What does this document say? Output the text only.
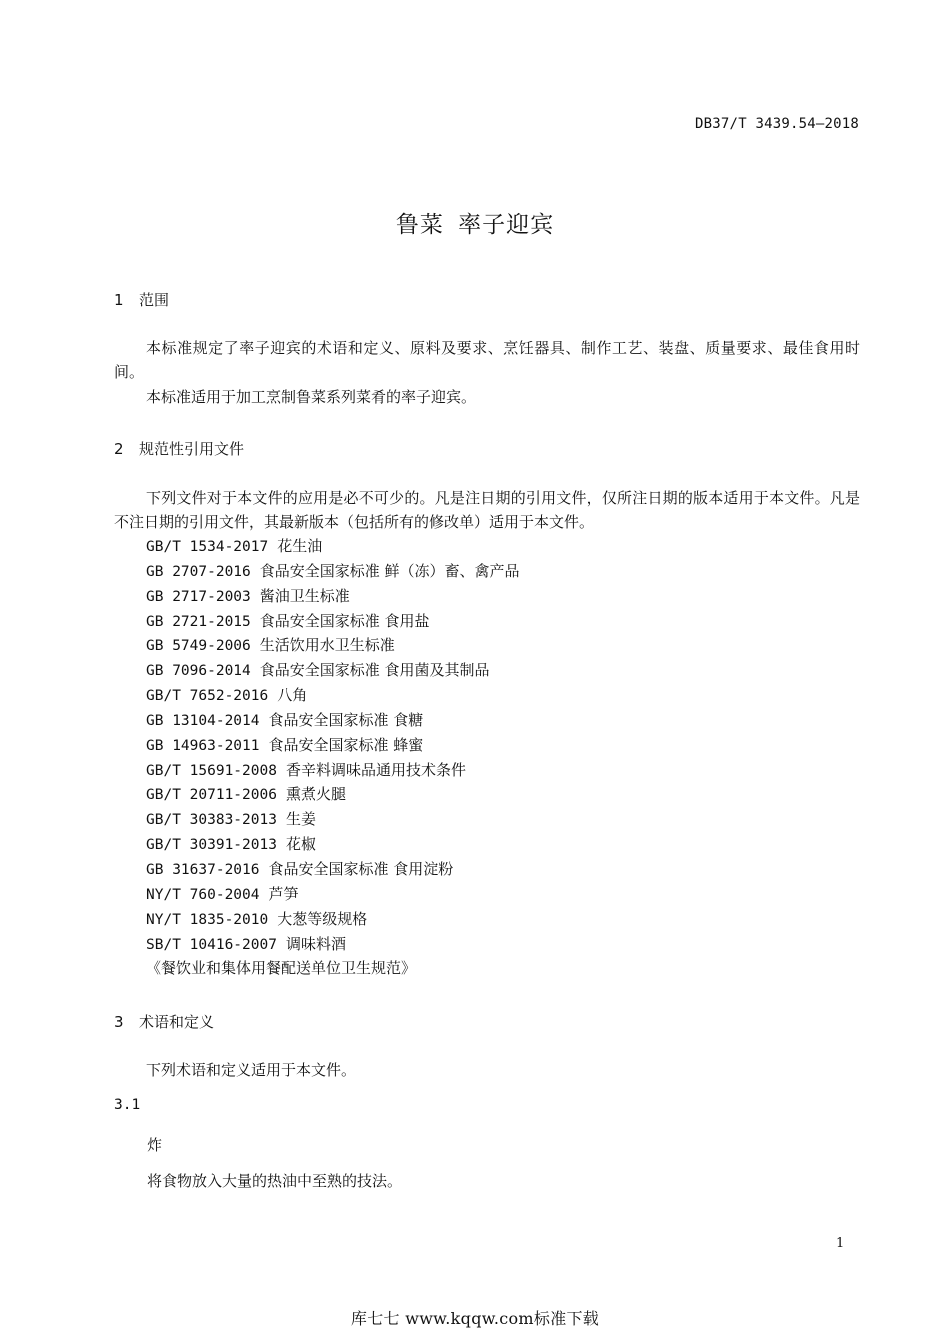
DB37/T 3439.54—2018
鲁菜 率子迎宾
1 范围
本标准规定了率子迎宾的术语和定义、原料及要求、烹饪器具、制作工艺、装盘、质量要求、最佳食用时间。
本标准适用于加工烹制鲁菜系列菜肴的率子迎宾。
2 规范性引用文件
下列文件对于本文件的应用是必不可少的。凡是注日期的引用文件，仅所注日期的版本适用于本文件。凡是不注日期的引用文件，其最新版本（包括所有的修改单）适用于本文件。
GB/T 1534-2017 花生油
GB 2707-2016 食品安全国家标准 鲜（冻）畜、禽产品
GB 2717-2003 酱油卫生标准
GB 2721-2015 食品安全国家标准 食用盐
GB 5749-2006 生活饮用水卫生标准
GB 7096-2014 食品安全国家标准 食用菌及其制品
GB/T 7652-2016 八角
GB 13104-2014 食品安全国家标准 食糖
GB 14963-2011 食品安全国家标准 蜂蜜
GB/T 15691-2008 香辛料调味品通用技术条件
GB/T 20711-2006 熏煮火腿
GB/T 30383-2013 生姜
GB/T 30391-2013 花椒
GB 31637-2016 食品安全国家标准 食用淀粉
NY/T 760-2004 芦笋
NY/T 1835-2010 大葱等级规格
SB/T 10416-2007 调味料酒
《餐饮业和集体用餐配送单位卫生规范》
3 术语和定义
下列术语和定义适用于本文件。
3.1
炸
将食物放入大量的热油中至熟的技法。
1
库七七 www.kqqw.com标准下载
